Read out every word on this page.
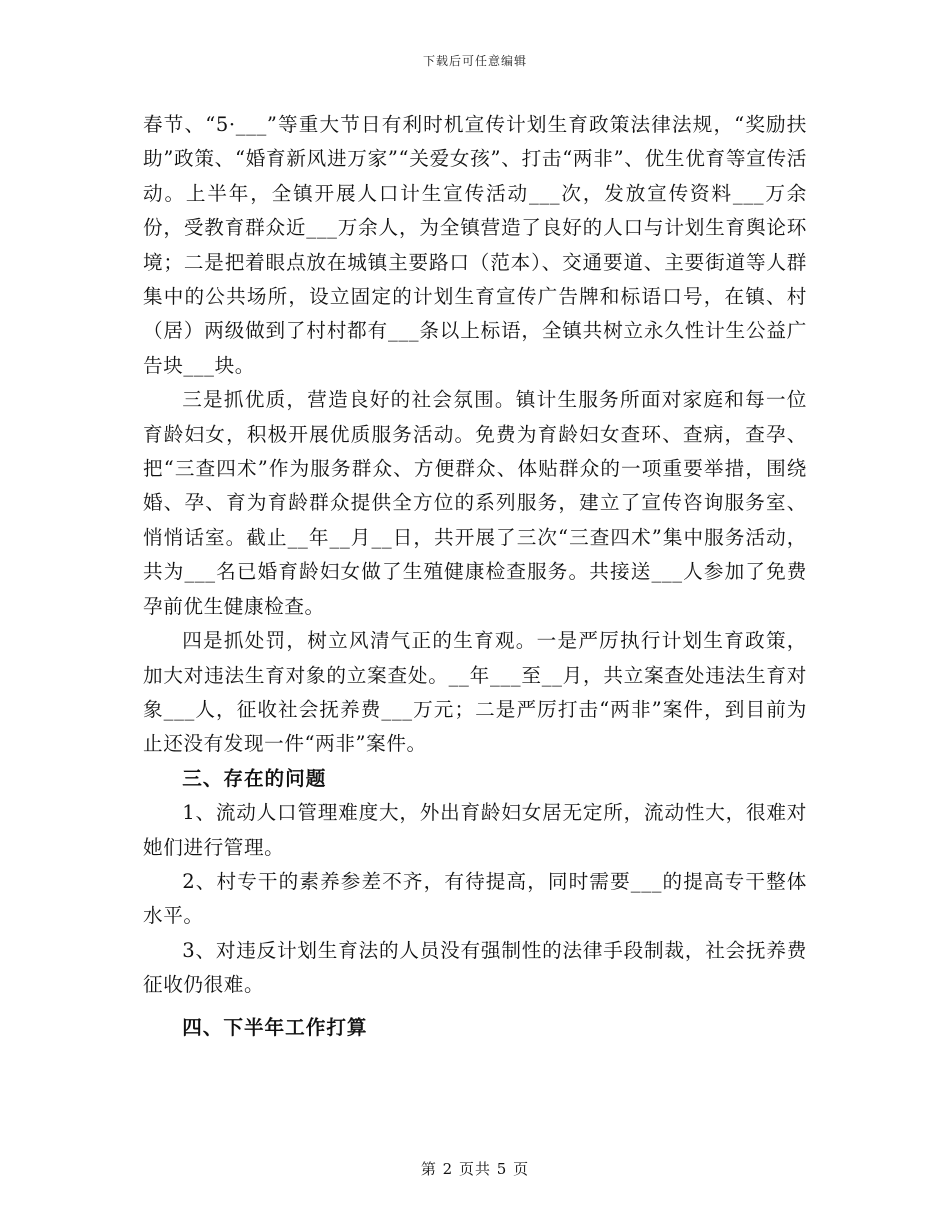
下载后可任意编辑

春节、“5·___”等重大节日有利时机宣传计划生育政策法律法规，“奖励扶助”政策、“婚育新风进万家”“关爱女孩”、打击“两非”、优生优育等宣传活动。上半年，全镇开展人口计生宣传活动___次，发放宣传资料___万余份，受教育群众近___万余人，为全镇营造了良好的人口与计划生育舆论环境；二是把着眼点放在城镇主要路口（范本）、交通要道、主要街道等人群集中的公共场所，设立固定的计划生育宣传广告牌和标语口号，在镇、村（居）两级做到了村村都有___条以上标语，全镇共树立永久性计生公益广告块___块。

三是抓优质，营造良好的社会氛围。镇计生服务所面对家庭和每一位育龄妇女，积极开展优质服务活动。免费为育龄妇女查环、查病，查孕、把“三查四术”作为服务群众、方便群众、体贴群众的一项重要举措，围绕婚、孕、育为育龄群众提供全方位的系列服务，建立了宣传咨询服务室、悄悄话室。截止__年__月__日，共开展了三次“三查四术”集中服务活动，共为___名已婚育龄妇女做了生殖健康检查服务。共接送___人参加了免费孕前优生健康检查。

四是抓处罚，树立风清气正的生育观。一是严厉执行计划生育政策，加大对违法生育对象的立案查处。__年___至__月，共立案查处违法生育对象___人，征收社会抚养费___万元；二是严厉打击“两非”案件，到目前为止还没有发现一件“两非”案件。

三、存在的问题

1、流动人口管理难度大，外出育龄妇女居无定所，流动性大，很难对她们进行管理。

2、村专干的素养参差不齐，有待提高，同时需要___的提高专干整体水平。

3、对违反计划生育法的人员没有强制性的法律手段制裁，社会抚养费征收仍很难。

四、下半年工作打算

第 2 页共 5 页
